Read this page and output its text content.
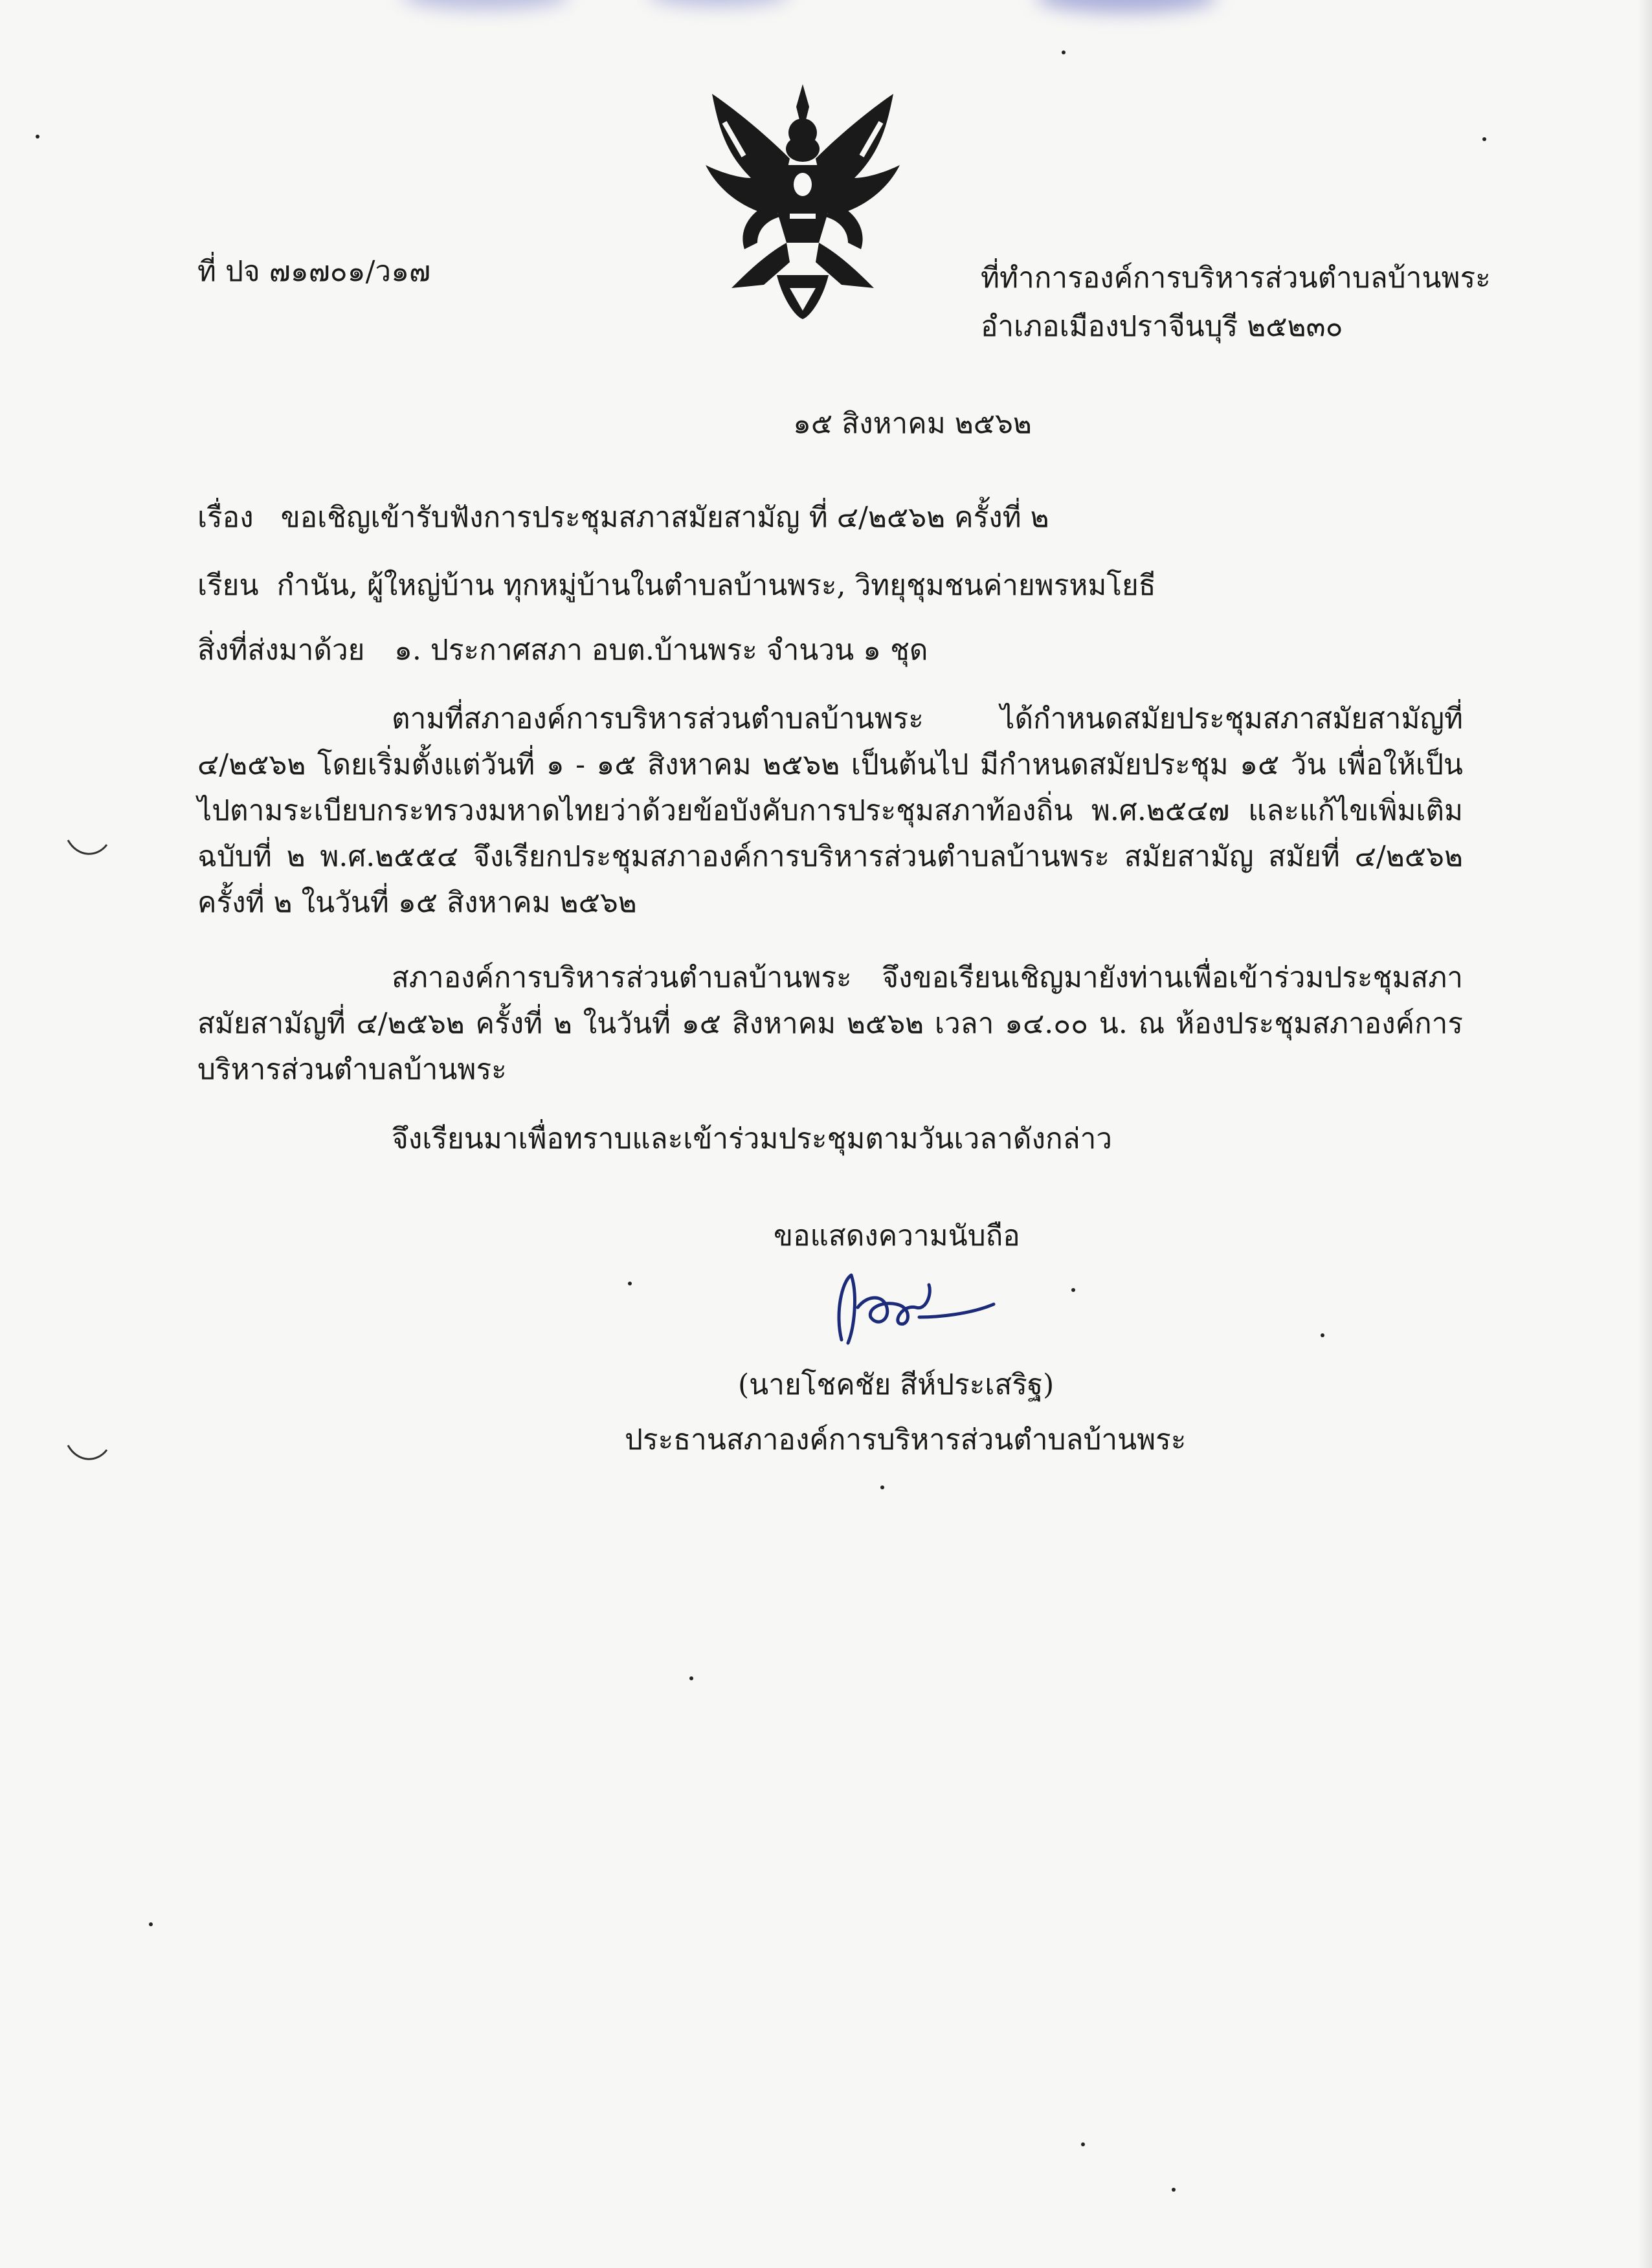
ที่ ปจ ๗๑๗๐๑/ว๑๗	ที่ทำการองค์การบริหารส่วนตำบลบ้านพระ
อำเภอเมืองปราจีนบุรี ๒๕๒๓๐
๑๕ สิงหาคม ๒๕๖๒
เรื่อง ขอเชิญเข้ารับฟังการประชุมสภาสมัยสามัญ ที่ ๔/๒๕๖๒ ครั้งที่ ๒
เรียน กำนัน, ผู้ใหญ่บ้าน ทุกหมู่บ้านในตำบลบ้านพระ, วิทยุชุมชนค่ายพรหมโยธี
สิ่งที่ส่งมาด้วย ๑. ประกาศสภา อบต.บ้านพระ จำนวน ๑ ชุด
ตามที่สภาองค์การบริหารส่วนตำบลบ้านพระ ได้กำหนดสมัยประชุมสภาสมัยสามัญที่ ๔/๒๕๖๒ โดยเริ่มตั้งแต่วันที่ ๑ - ๑๕ สิงหาคม ๒๕๖๒ เป็นต้นไป มีกำหนดสมัยประชุม ๑๕ วัน เพื่อให้เป็นไปตามระเบียบกระทรวงมหาดไทยว่าด้วยข้อบังคับการประชุมสภาท้องถิ่น พ.ศ.๒๕๔๗ และแก้ไขเพิ่มเติมฉบับที่ ๒ พ.ศ.๒๕๕๔ จึงเรียกประชุมสภาองค์การบริหารส่วนตำบลบ้านพระ สมัยสามัญ สมัยที่ ๔/๒๕๖๒ ครั้งที่ ๒ ในวันที่ ๑๕ สิงหาคม ๒๕๖๒
สภาองค์การบริหารส่วนตำบลบ้านพระ จึงขอเรียนเชิญมายังท่านเพื่อเข้าร่วมประชุมสภาสมัยสามัญที่ ๔/๒๕๖๒ ครั้งที่ ๒ ในวันที่ ๑๕ สิงหาคม ๒๕๖๒ เวลา ๑๔.๐๐ น. ณ ห้องประชุมสภาองค์การบริหารส่วนตำบลบ้านพระ
จึงเรียนมาเพื่อทราบและเข้าร่วมประชุมตามวันเวลาดังกล่าว
ขอแสดงความนับถือ
(นายโชคชัย สีห์ประเสริฐ)
ประธานสภาองค์การบริหารส่วนตำบลบ้านพระ
